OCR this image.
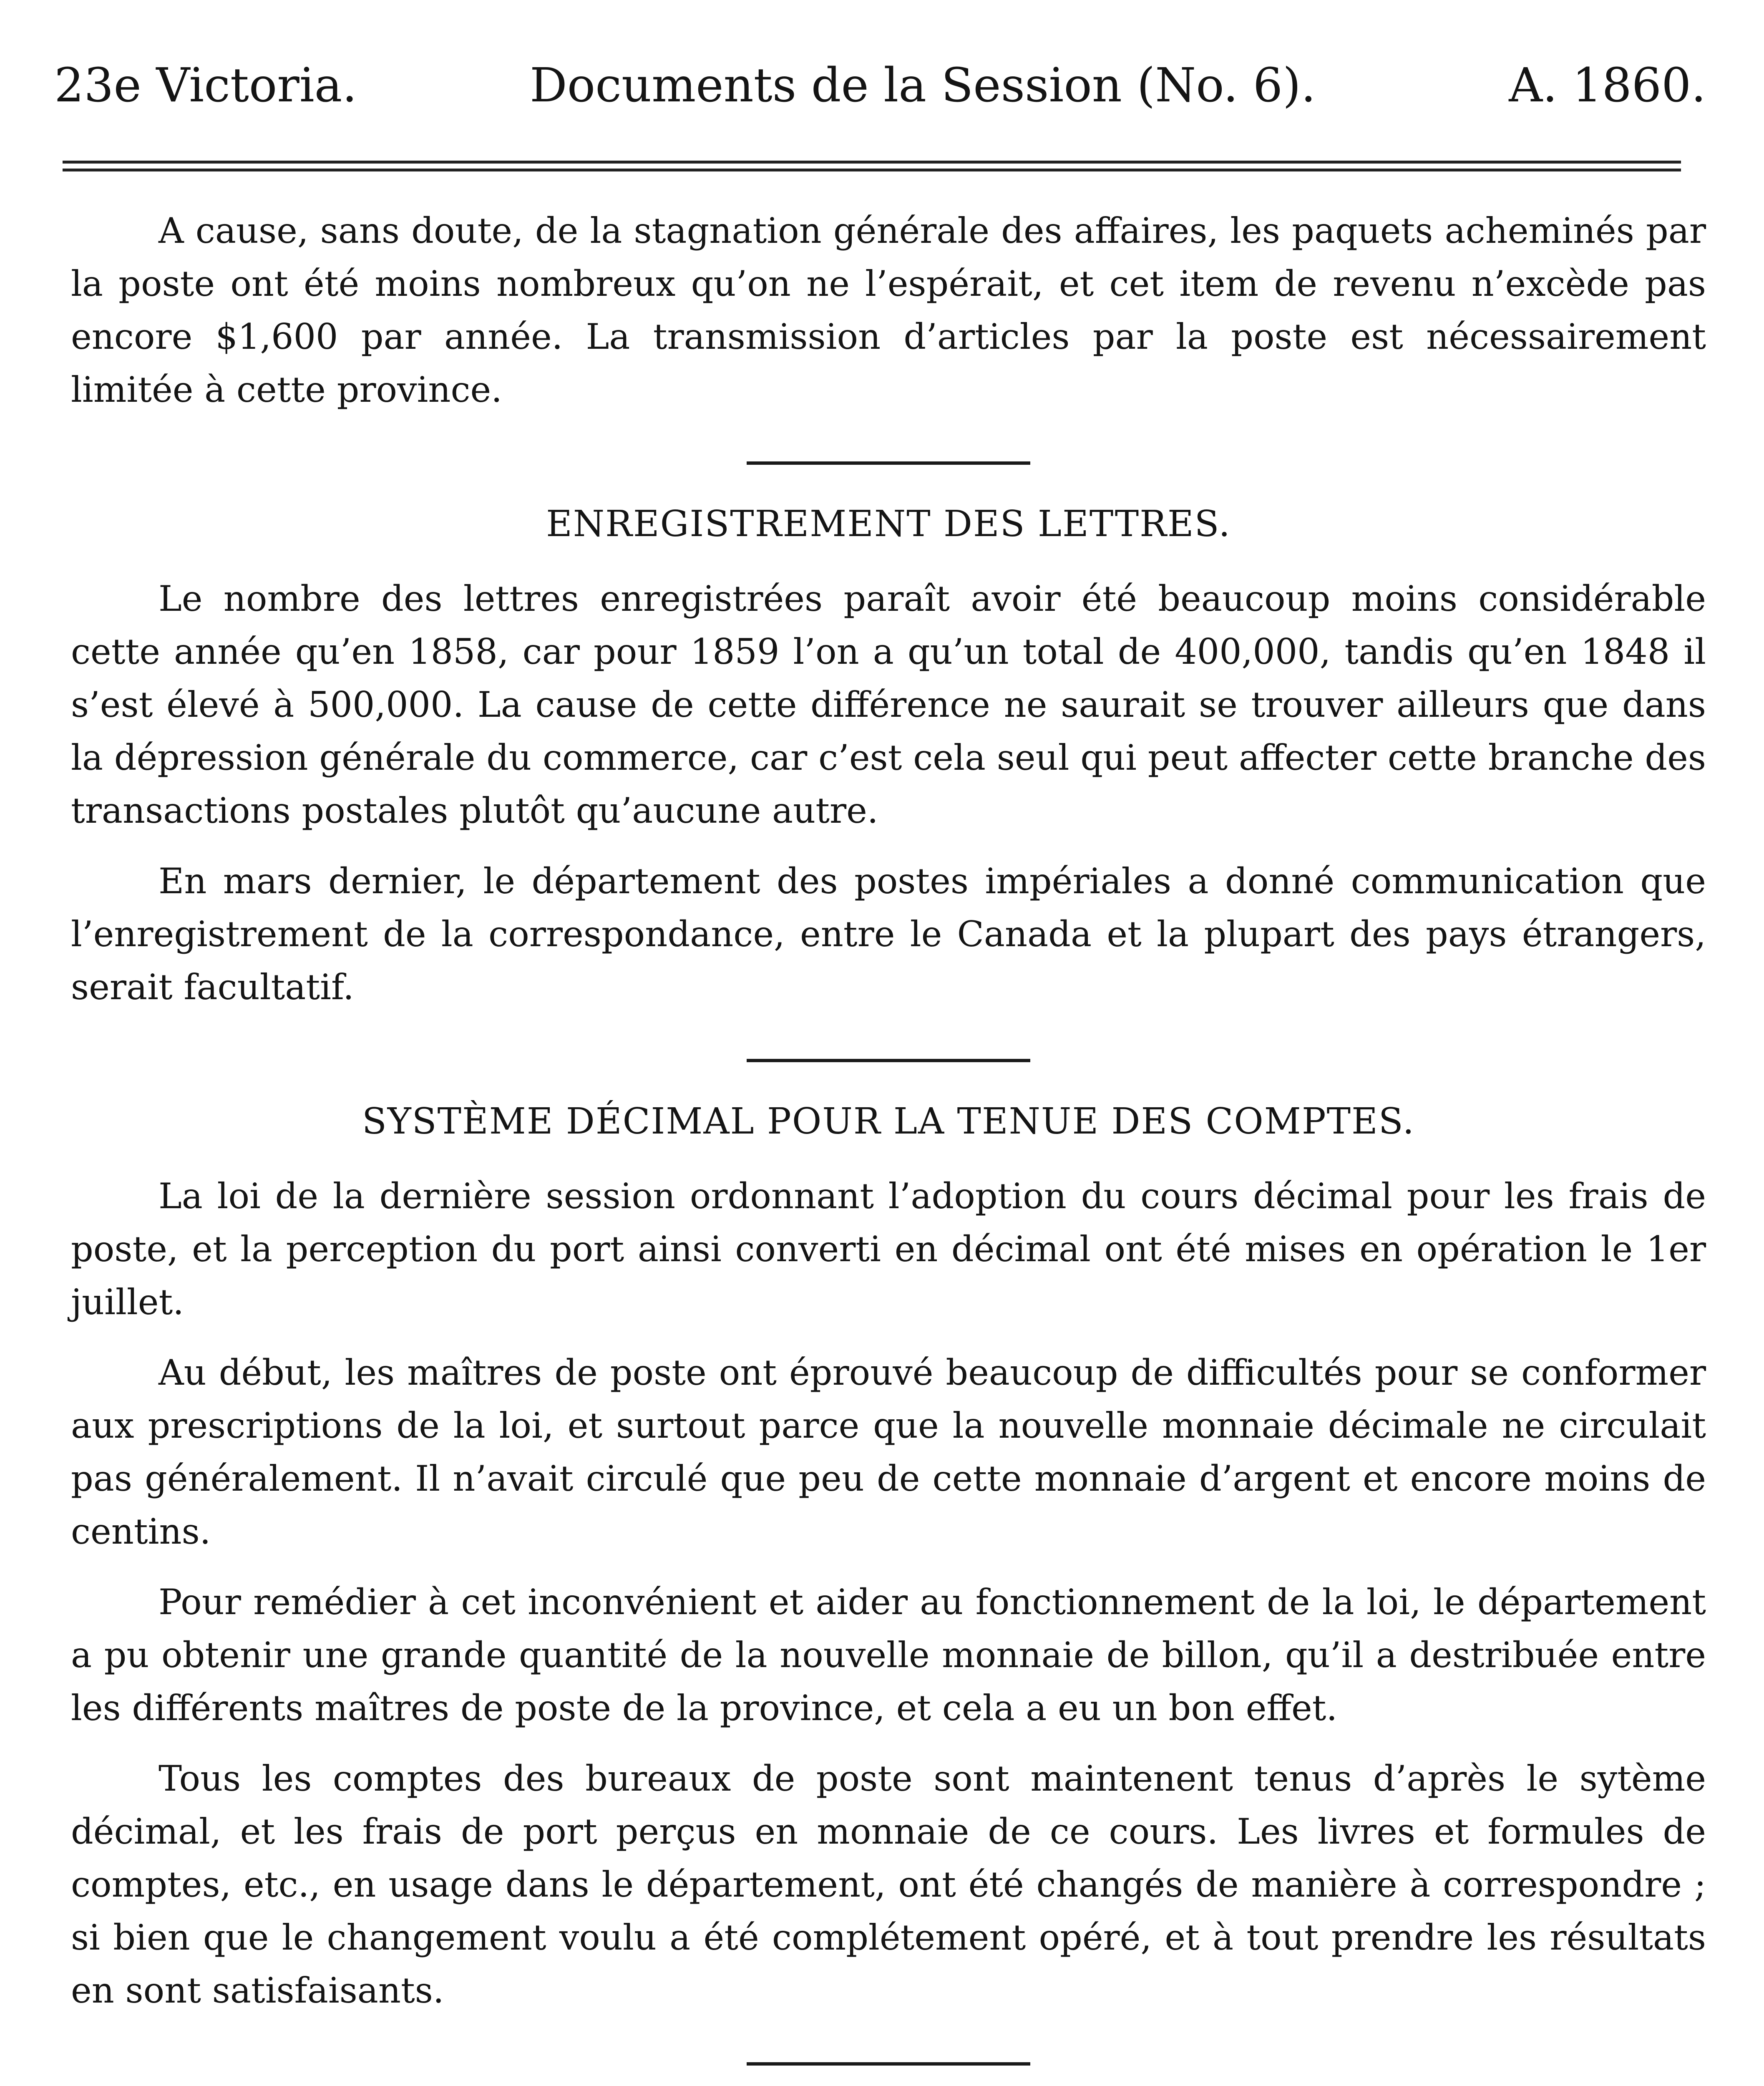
23e Victoria.	Documents de la Session (No. 6).	A. 1860.

A cause, sans doute, de la stagnation générale des affaires, les paquets acheminés par la poste ont été moins nombreux qu’on ne l’espérait, et cet item de revenu n’excède pas encore $1,600 par année. La transmission d’articles par la poste est nécessairement limitée à cette province.

ENREGISTREMENT DES LETTRES.

Le nombre des lettres enregistrées paraît avoir été beaucoup moins considérable cette année qu’en 1858, car pour 1859 l’on a qu’un total de 400,000, tandis qu’en 1848 il s’est élevé à 500,000. La cause de cette différence ne saurait se trouver ailleurs que dans la dépression générale du commerce, car c’est cela seul qui peut affecter cette branche des transactions postales plutôt qu’aucune autre.

En mars dernier, le département des postes impériales a donné communication que l’enregistrement de la correspondance, entre le Canada et la plupart des pays étrangers, serait facultatif.

SYSTÈME DÉCIMAL POUR LA TENUE DES COMPTES.

La loi de la dernière session ordonnant l’adoption du cours décimal pour les frais de poste, et la perception du port ainsi converti en décimal ont été mises en opération le 1er juillet.

Au début, les maîtres de poste ont éprouvé beaucoup de difficultés pour se conformer aux prescriptions de la loi, et surtout parce que la nouvelle monnaie décimale ne circulait pas généralement. Il n’avait circulé que peu de cette monnaie d’argent et encore moins de centins.

Pour remédier à cet inconvénient et aider au fonctionnement de la loi, le département a pu obtenir une grande quantité de la nouvelle monnaie de billon, qu’il a destribuée entre les différents maîtres de poste de la province, et cela a eu un bon effet.

Tous les comptes des bureaux de poste sont maintenent tenus d’après le sytème décimal, et les frais de port perçus en monnaie de ce cours. Les livres et formules de comptes, etc., en usage dans le département, ont été changés de manière à correspondre ; si bien que le changement voulu a été complétement opéré, et à tout prendre les résultats en sont satisfaisants.
